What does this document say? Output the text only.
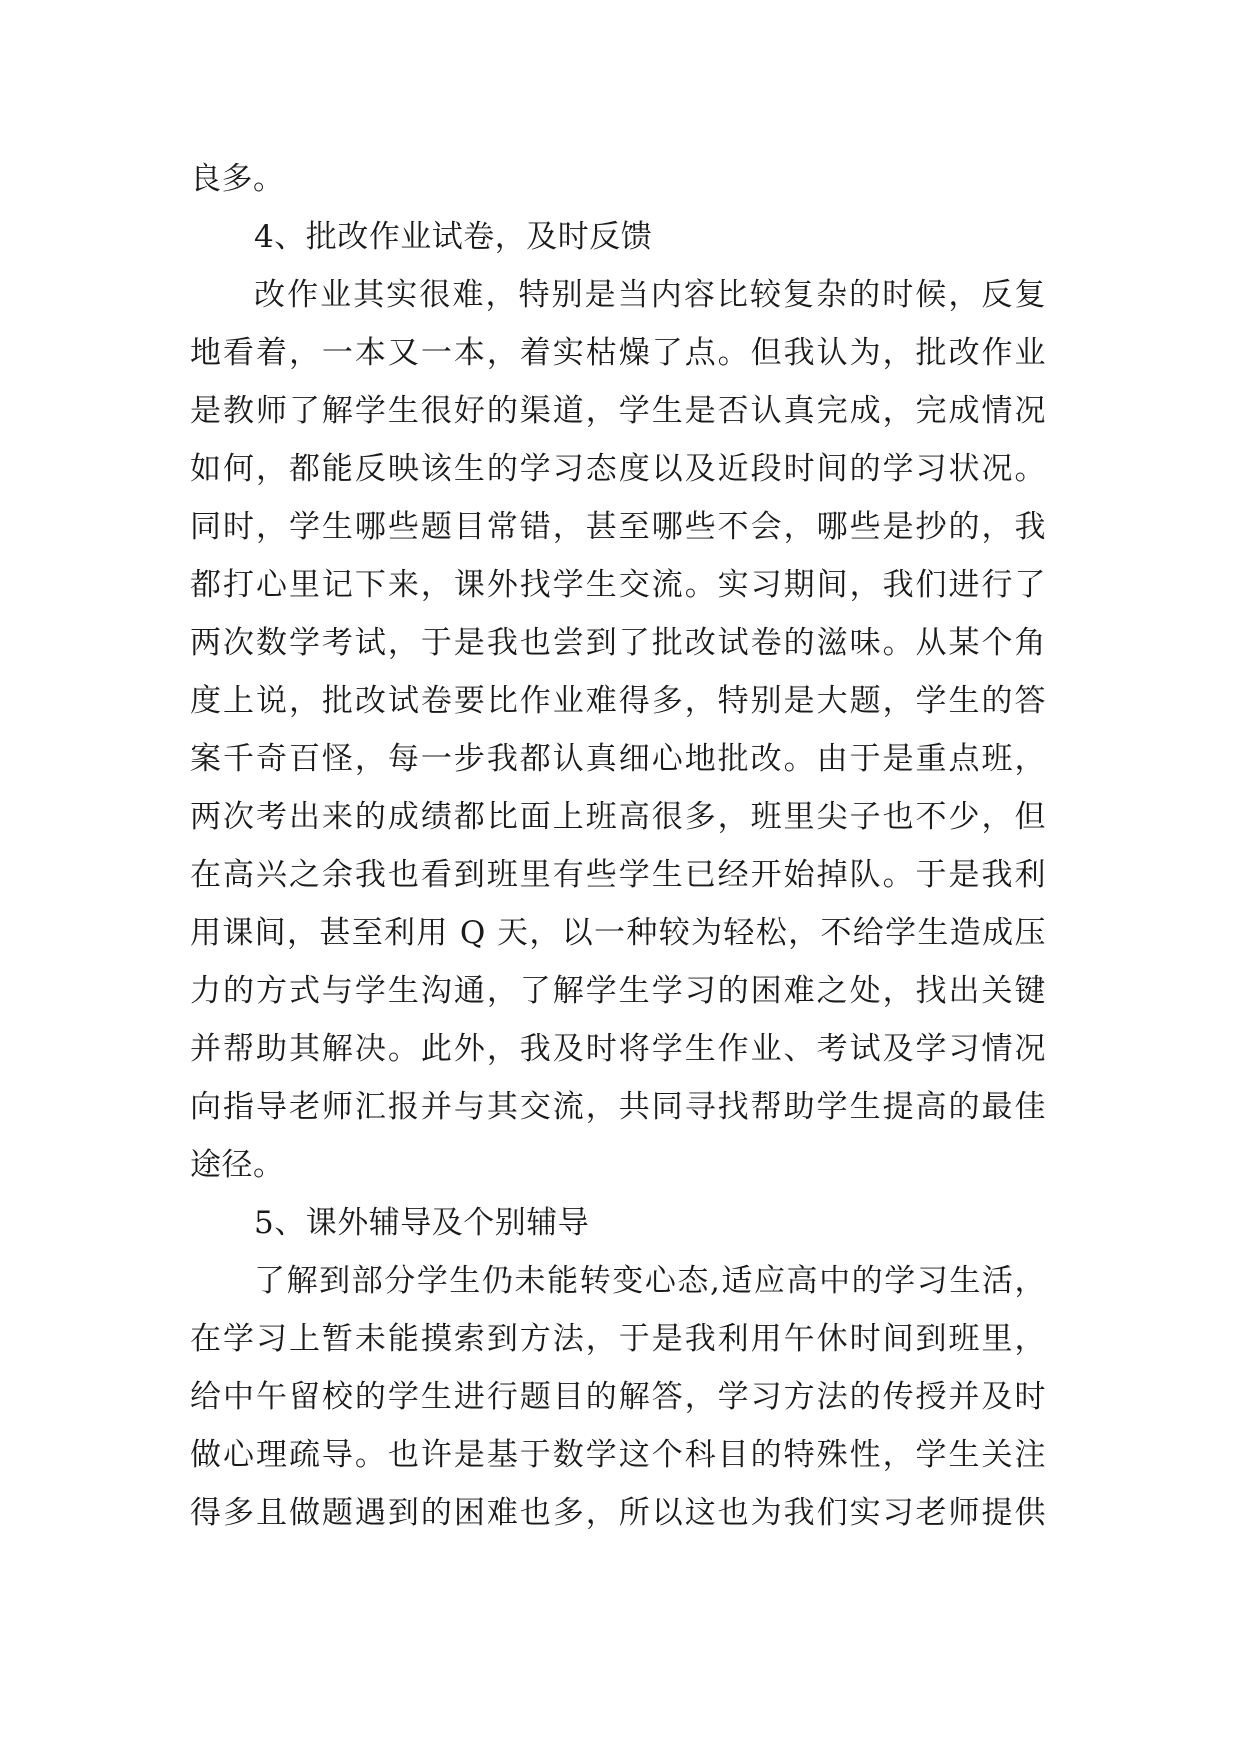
良多。
4、批改作业试卷，及时反馈
改作业其实很难，特别是当内容比较复杂的时候，反复
地看着，一本又一本，着实枯燥了点。但我认为，批改作业
是教师了解学生很好的渠道，学生是否认真完成，完成情况
如何，都能反映该生的学习态度以及近段时间的学习状况。
同时，学生哪些题目常错，甚至哪些不会，哪些是抄的，我
都打心里记下来，课外找学生交流。实习期间，我们进行了
两次数学考试，于是我也尝到了批改试卷的滋味。从某个角
度上说，批改试卷要比作业难得多，特别是大题，学生的答
案千奇百怪，每一步我都认真细心地批改。由于是重点班，
两次考出来的成绩都比面上班高很多，班里尖子也不少，但
在高兴之余我也看到班里有些学生已经开始掉队。于是我利
用课间，甚至利用 Q 天，以一种较为轻松，不给学生造成压
力的方式与学生沟通，了解学生学习的困难之处，找出关键
并帮助其解决。此外，我及时将学生作业、考试及学习情况
向指导老师汇报并与其交流，共同寻找帮助学生提高的最佳
途径。
5、课外辅导及个别辅导
了解到部分学生仍未能转变心态,适应高中的学习生活，
在学习上暂未能摸索到方法，于是我利用午休时间到班里，
给中午留校的学生进行题目的解答，学习方法的传授并及时
做心理疏导。也许是基于数学这个科目的特殊性，学生关注
得多且做题遇到的困难也多，所以这也为我们实习老师提供
